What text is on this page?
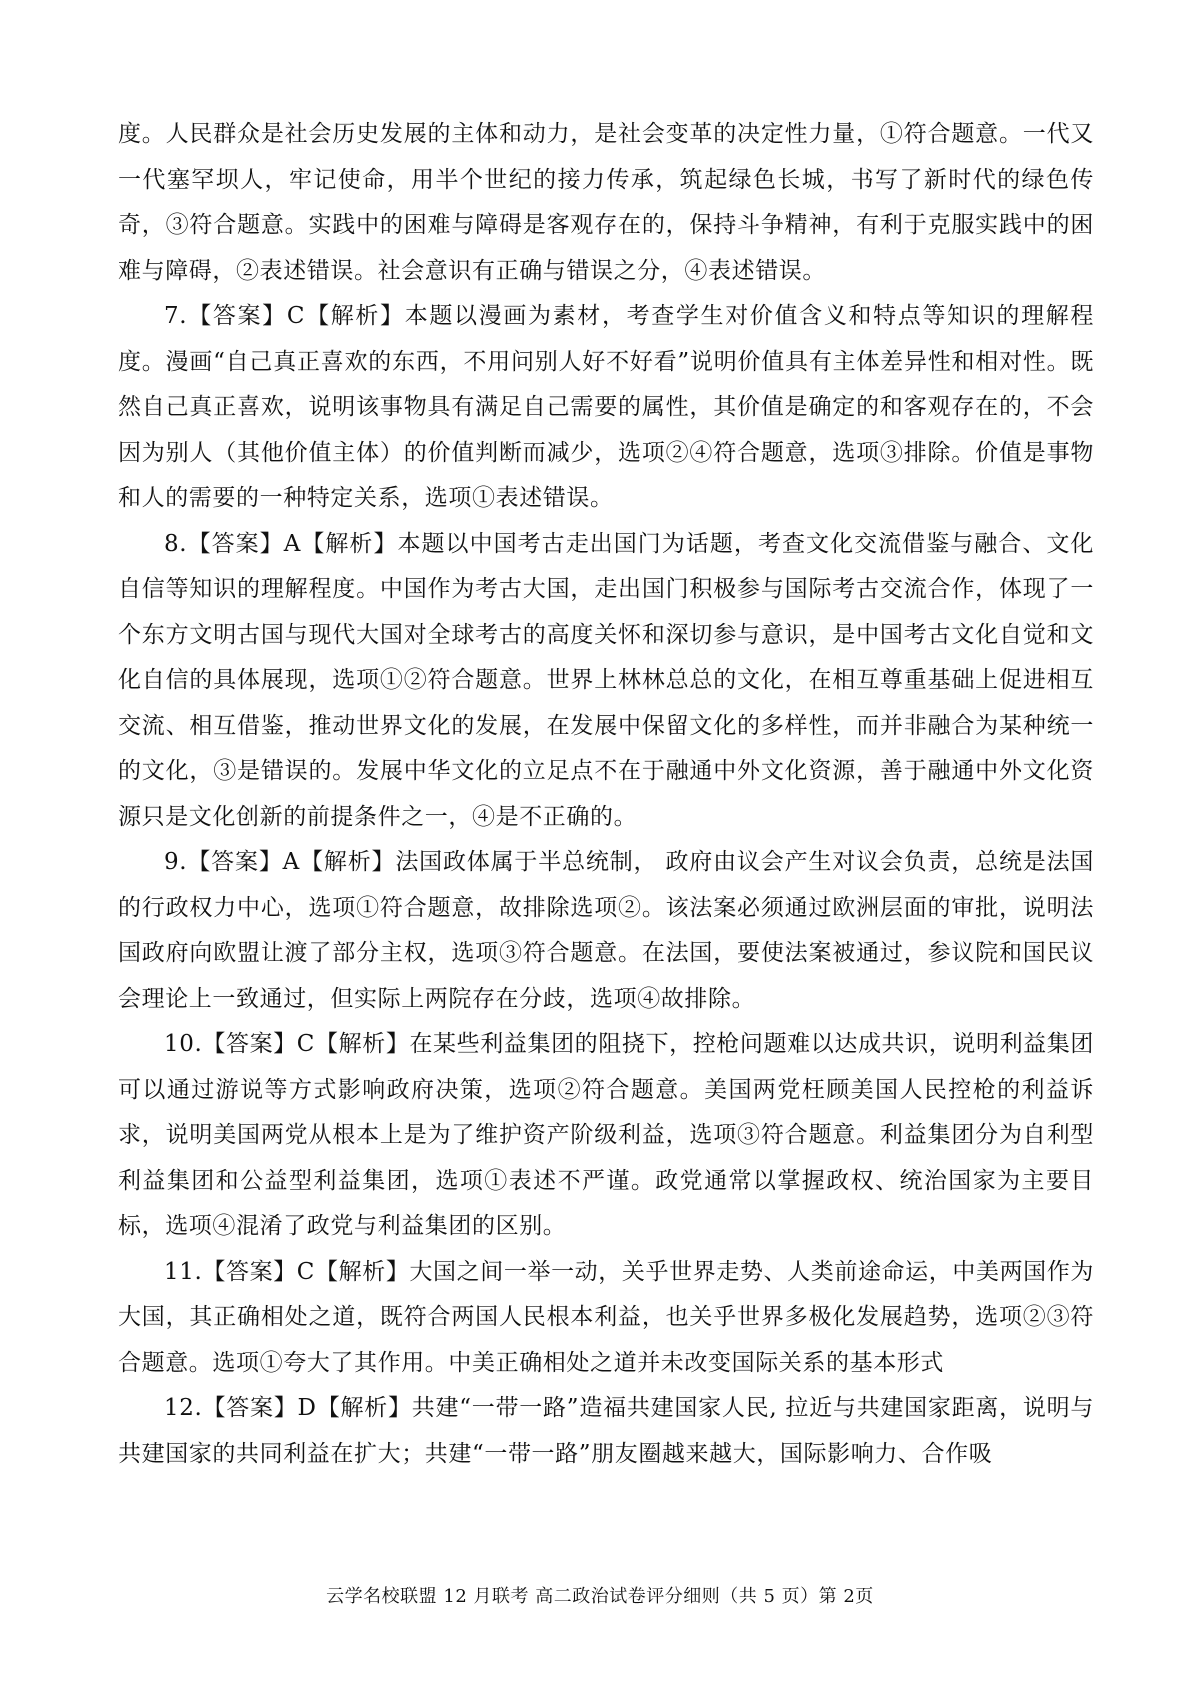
度。人民群众是社会历史发展的主体和动力，是社会变革的决定性力量，①符合题意。一代又一代塞罕坝人，牢记使命，用半个世纪的接力传承，筑起绿色长城，书写了新时代的绿色传奇，③符合题意。实践中的困难与障碍是客观存在的，保持斗争精神，有利于克服实践中的困难与障碍，②表述错误。社会意识有正确与错误之分，④表述错误。

7.【答案】C【解析】本题以漫画为素材，考查学生对价值含义和特点等知识的理解程度。漫画“自己真正喜欢的东西，不用问别人好不好看”说明价值具有主体差异性和相对性。既然自己真正喜欢，说明该事物具有满足自己需要的属性，其价值是确定的和客观存在的，不会因为别人（其他价值主体）的价值判断而减少，选项②④符合题意，选项③排除。价值是事物和人的需要的一种特定关系，选项①表述错误。

8.【答案】A【解析】本题以中国考古走出国门为话题，考查文化交流借鉴与融合、文化自信等知识的理解程度。中国作为考古大国，走出国门积极参与国际考古交流合作，体现了一个东方文明古国与现代大国对全球考古的高度关怀和深切参与意识，是中国考古文化自觉和文化自信的具体展现，选项①②符合题意。世界上林林总总的文化，在相互尊重基础上促进相互交流、相互借鉴，推动世界文化的发展，在发展中保留文化的多样性，而并非融合为某种统一的文化，③是错误的。发展中华文化的立足点不在于融通中外文化资源，善于融通中外文化资源只是文化创新的前提条件之一，④是不正确的。

9.【答案】A【解析】法国政体属于半总统制， 政府由议会产生对议会负责，总统是法国的行政权力中心，选项①符合题意，故排除选项②。该法案必须通过欧洲层面的审批，说明法国政府向欧盟让渡了部分主权，选项③符合题意。在法国，要使法案被通过，参议院和国民议会理论上一致通过，但实际上两院存在分歧，选项④故排除。

10.【答案】C【解析】在某些利益集团的阻挠下，控枪问题难以达成共识，说明利益集团可以通过游说等方式影响政府决策，选项②符合题意。美国两党枉顾美国人民控枪的利益诉求，说明美国两党从根本上是为了维护资产阶级利益，选项③符合题意。利益集团分为自利型利益集团和公益型利益集团，选项①表述不严谨。政党通常以掌握政权、统治国家为主要目标，选项④混淆了政党与利益集团的区别。

11.【答案】C【解析】大国之间一举一动，关乎世界走势、人类前途命运，中美两国作为大国，其正确相处之道，既符合两国人民根本利益，也关乎世界多极化发展趋势，选项②③符合题意。选项①夸大了其作用。中美正确相处之道并未改变国际关系的基本形式

12.【答案】D【解析】共建“一带一路”造福共建国家人民, 拉近与共建国家距离，说明与共建国家的共同利益在扩大；共建“一带一路”朋友圈越来越大，国际影响力、合作吸

云学名校联盟 12 月联考 高二政治试卷评分细则（共 5 页）第 2页
